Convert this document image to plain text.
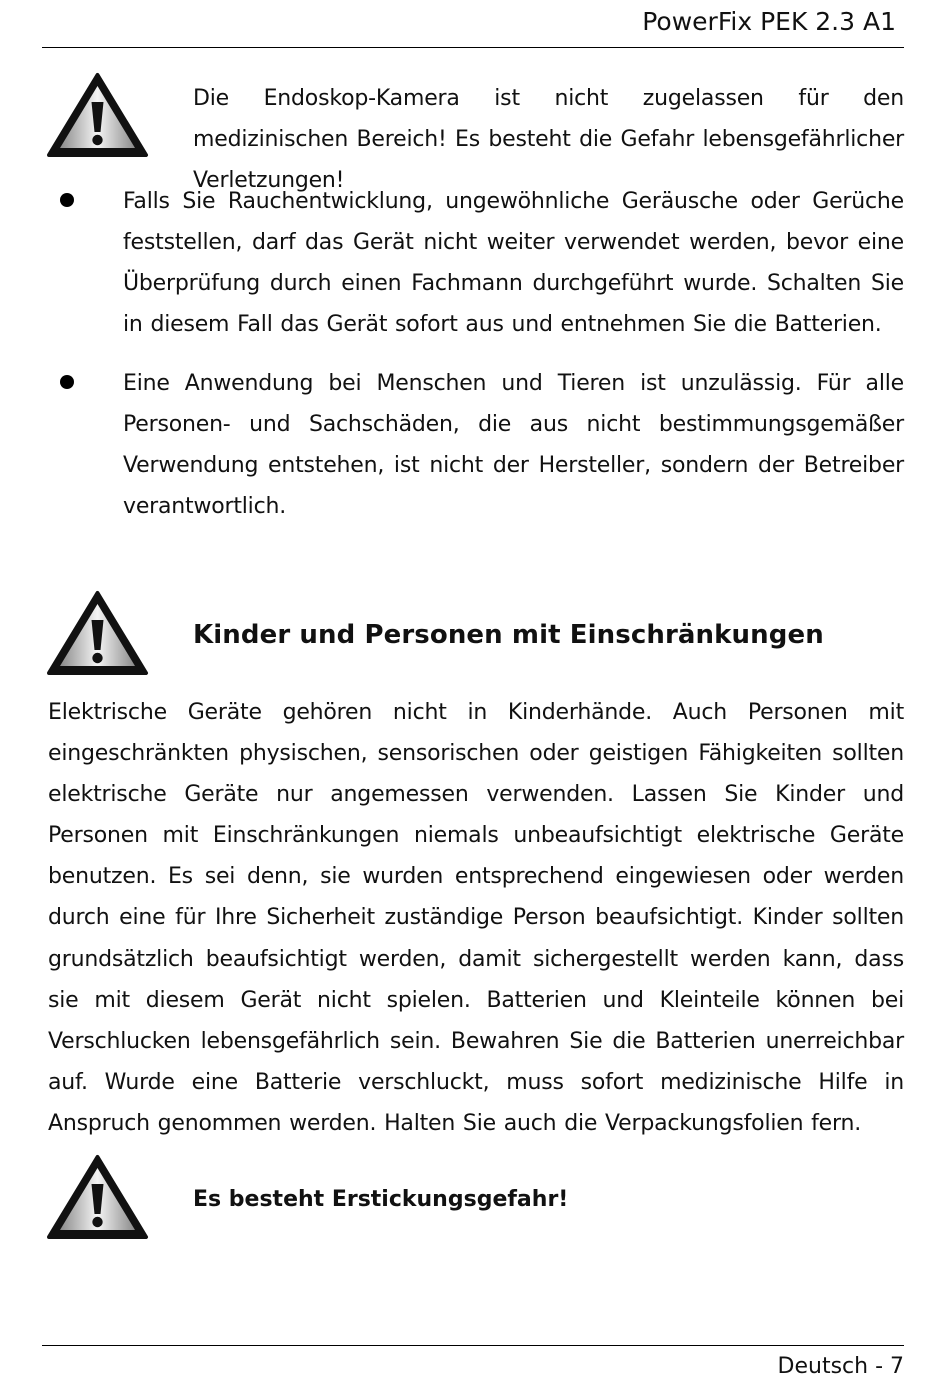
PowerFix PEK 2.3 A1
Die Endoskop-Kamera ist nicht zugelassen für den medizinischen Bereich! Es besteht die Gefahr lebensgefährlicher Verletzungen!
Falls Sie Rauchentwicklung, ungewöhnliche Geräusche oder Gerüche feststellen, darf das Gerät nicht weiter verwendet werden, bevor eine Überprüfung durch einen Fachmann durchgeführt wurde. Schalten Sie in diesem Fall das Gerät sofort aus und entnehmen Sie die Batterien.
Eine Anwendung bei Menschen und Tieren ist unzulässig. Für alle Personen- und Sachschäden, die aus nicht bestimmungsgemäßer Verwendung entstehen, ist nicht der Hersteller, sondern der Betreiber verantwortlich.
Kinder und Personen mit Einschränkungen
Elektrische Geräte gehören nicht in Kinderhände. Auch Personen mit eingeschränkten physischen, sensorischen oder geistigen Fähigkeiten sollten elektrische Geräte nur angemessen verwenden. Lassen Sie Kinder und Personen mit Einschränkungen niemals unbeaufsichtigt elektrische Geräte benutzen. Es sei denn, sie wurden entsprechend eingewiesen oder werden durch eine für Ihre Sicherheit zuständige Person beaufsichtigt. Kinder sollten grundsätzlich beaufsichtigt werden, damit sichergestellt werden kann, dass sie mit diesem Gerät nicht spielen. Batterien und Kleinteile können bei Verschlucken lebensgefährlich sein. Bewahren Sie die Batterien unerreichbar auf. Wurde eine Batterie verschluckt, muss sofort medizinische Hilfe in Anspruch genommen werden. Halten Sie auch die Verpackungsfolien fern.
Es besteht Erstickungsgefahr!
Deutsch - 7
